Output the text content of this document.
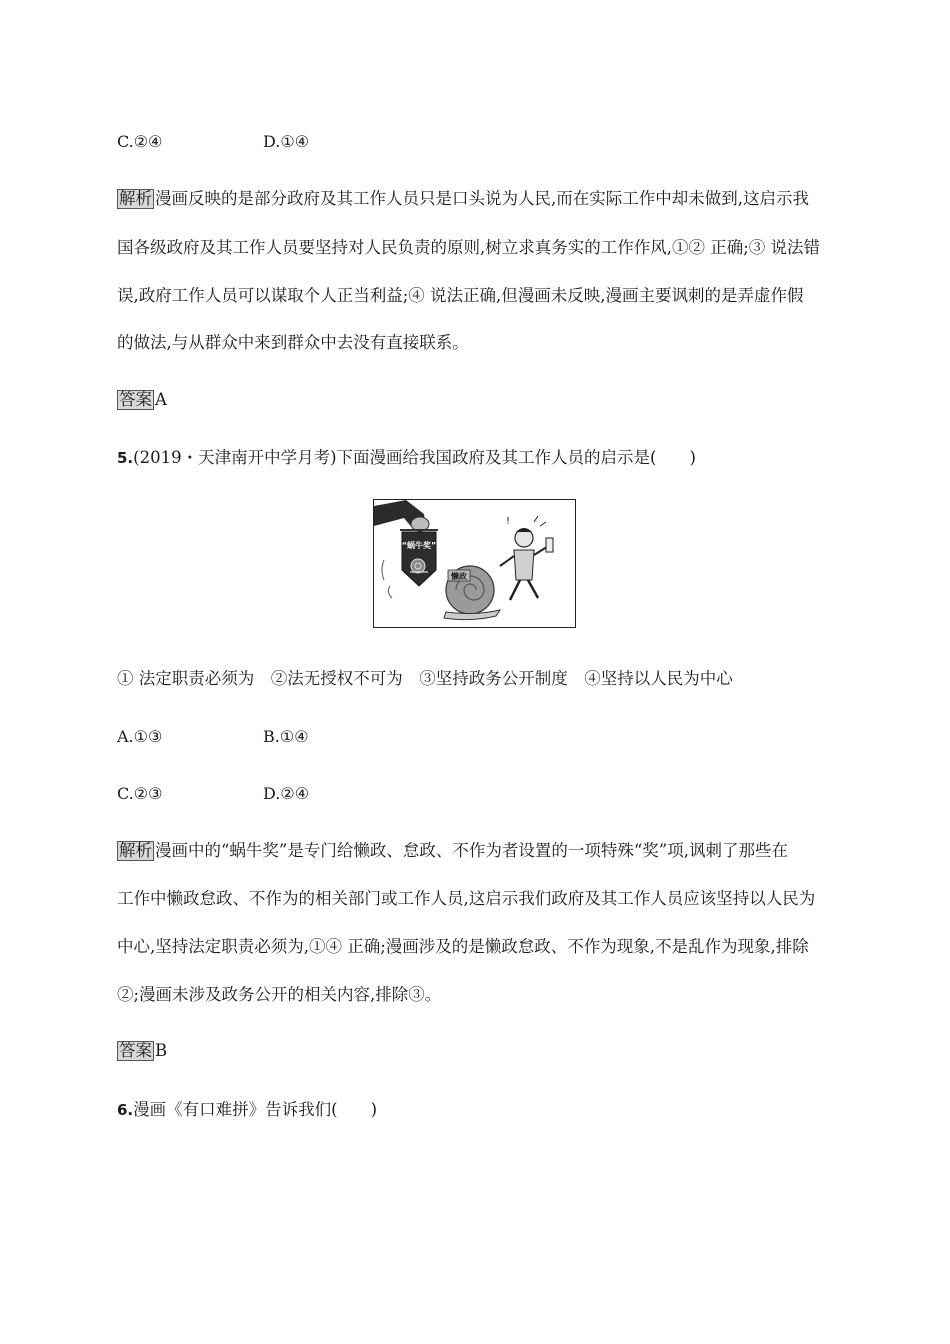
C.②④	D.①④
解析 漫画反映的是部分政府及其工作人员只是口头说为人民,而在实际工作中却未做到,这启示我
国各级政府及其工作人员要坚持对人民负责的原则,树立求真务实的工作作风,①② 正确;③ 说法错
误,政府工作人员可以谋取个人正当利益;④ 说法正确,但漫画未反映,漫画主要讽刺的是弄虚作假
的做法,与从群众中来到群众中去没有直接联系。
答案 A
5.(2019・天津南开中学月考)下面漫画给我国政府及其工作人员的启示是(　　)
“蜗牛奖”
懒政
!
① 法定职责必须为　②法无授权不可为　③坚持政务公开制度　④坚持以人民为中心
A.①③	B.①④
C.②③	D.②④
解析 漫画中的“蜗牛奖”是专门给懒政、怠政、不作为者设置的一项特殊“奖”项,讽刺了那些在
工作中懒政怠政、不作为的相关部门或工作人员,这启示我们政府及其工作人员应该坚持以人民为
中心,坚持法定职责必须为,①④ 正确;漫画涉及的是懒政怠政、不作为现象,不是乱作为现象,排除
②;漫画未涉及政务公开的相关内容,排除③。
答案 B
6.漫画《有口难拼》告诉我们(　　)
